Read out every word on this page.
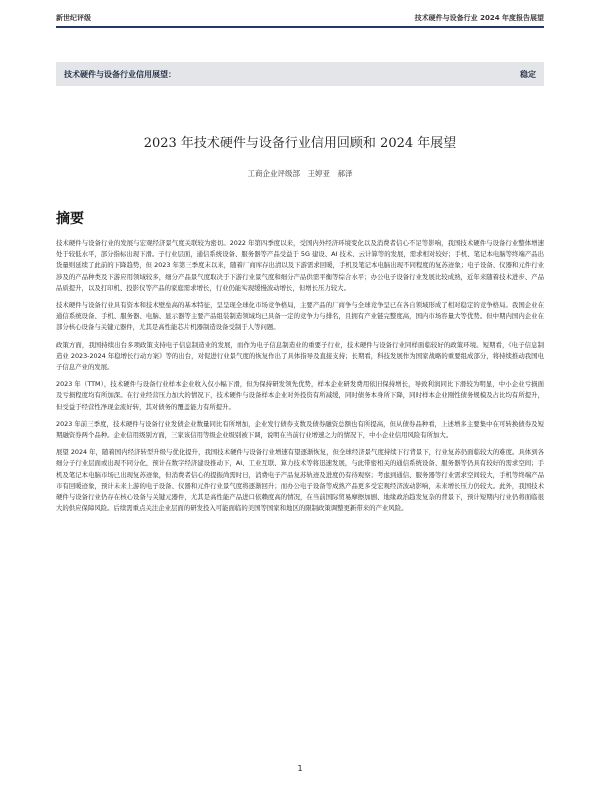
新世纪评级	技术硬件与设备行业 2024 年度报告展望
技术硬件与设备行业信用展望：	稳定
2023 年技术硬件与设备行业信用回顾和 2024 年展望
工商企业评级部　王婷亚　郝泽
摘要

技术硬件与设备行业的发展与宏观经济景气度关联较为密切。2022 年第四季度以来，受国内外经济环境变化以及消费者信心不足等影响，我国技术硬件与设备行业整体增速处于较低水平，部分指标出现下滑。子行业层面，通信系统设备、服务器等产品受益于 5G 建设、AI 技术、云计算等的发展，需求相对较好；手机、笔记本电脑等终端产品出货量则延续了此前的下降趋势，但 2023 年第三季度末以来，随着厂商库存出清以及下游需求回暖，手机及笔记本电脑出现不同程度的复苏迹象；电子设备、仪器和元件行业涉及的产品种类及下游应用领域较多，细分产品景气度取决于下游行业景气度和细分产品供需平衡等综合水平；办公电子设备行业发展比较成熟，近年来随着技术进步、产品品质提升，以及打印机、投影仪等产品的家庭需求增长，行业仍能实现缓慢波动增长，但增长压力较大。

技术硬件与设备行业具有资本和技术壁垒高的基本特征，呈呈现全球化市场竞争格局，主要产品的厂商争与全球竞争呈已在各自领域形成了相对稳定的竞争格局。我国企业在通信系统设备、手机、服务器、电脑、显示器等主要产品组装制造领域均已具备一定的竞争力与排名，且拥有产业链完整度高，国内市场容量大等优势。但中期内国内企业在部分核心设备与关键元器件，尤其是高性能芯片机器制造设备受制于人等问题。

政策方面，我国持续出台多项政策支持电子信息制造业的发展，而作为电子信息制造业的重要子行业，技术硬件与设备行业同样面临较好的政策环境。短期看，《电子信息制造业 2023-2024 年稳增长行动方案》等的出台，对促进行业景气度的恢复作出了具体指导及直接支持；长期看，科技发展作为国家战略的重要组成部分，将持续推动我国电子信息产业的发展。

2023 年（TTM），技术硬件与设备行业样本企业收入仅小幅下滑，但为保持研发领先优势，样本企业研发费用依旧保持增长，导致利润同比下滑较为明显，中小企业亏损面及亏损程度均有所加深。在行业经营压力加大的情况下，技术硬件与设备样本企业对外投资有所减缓，同时债务本身所下降，同时样本企业刚性债务规模及占比均有所提升，但受益于经营性净现金流好转，其对债务的覆盖能力有所提升。

2023 年前三季度，技术硬件与设备行业发债企业数量同比有所增加，企业发行债券支数及债券融资总额也有所提高，但从债券品种看，上述增多主要集中在可转换债券及短期融资券两个品种。企业信用级别方面，三家该信用等级企业级别被下调，说明在当前行业增速之力的情况下，中小企业信用风险有所加大。

展望 2024 年，随着国内经济转型升级与优化提升，我国技术硬件与设备行业增速有望逐渐恢复，但全球经济景气度持续下行背景下，行业复苏仍面临较大的难度。具体到各细分子行业层面或出现不同分化，预计在数字经济建设推动下，AI、工业互联、算力技术等将迅速发展，与此带密相关的通信系统设备、服务器等仍具有较好的需求空间；手机及笔记本电脑市场已出现复苏迹象，但消费者信心的提振尚需时日，消费电子产品复苏轨迹及进度仍有待观察；考虑到通信、服务器等行业需求空间较大，手机等终端产品市有回暖迹象，预计未来上游的电子设备、仪器和元件行业景气度将逐渐回升；而办公电子设备等成熟产品更多受宏观经济波动影响，未来增长压力仍较大。此外，我国技术硬件与设备行业仍存在核心设备与关键元器件，尤其是高性能产品进口依赖度高的情况，在当前国际贸易摩擦加剧、地缘政治趋发复杂的背景下，预计短期内行业仍将面临很大的供应保障风险。后续需重点关注企业层面的研发投入可能面临的美国等国家和地区的限制政策调整更新带来的产业风险。

1
